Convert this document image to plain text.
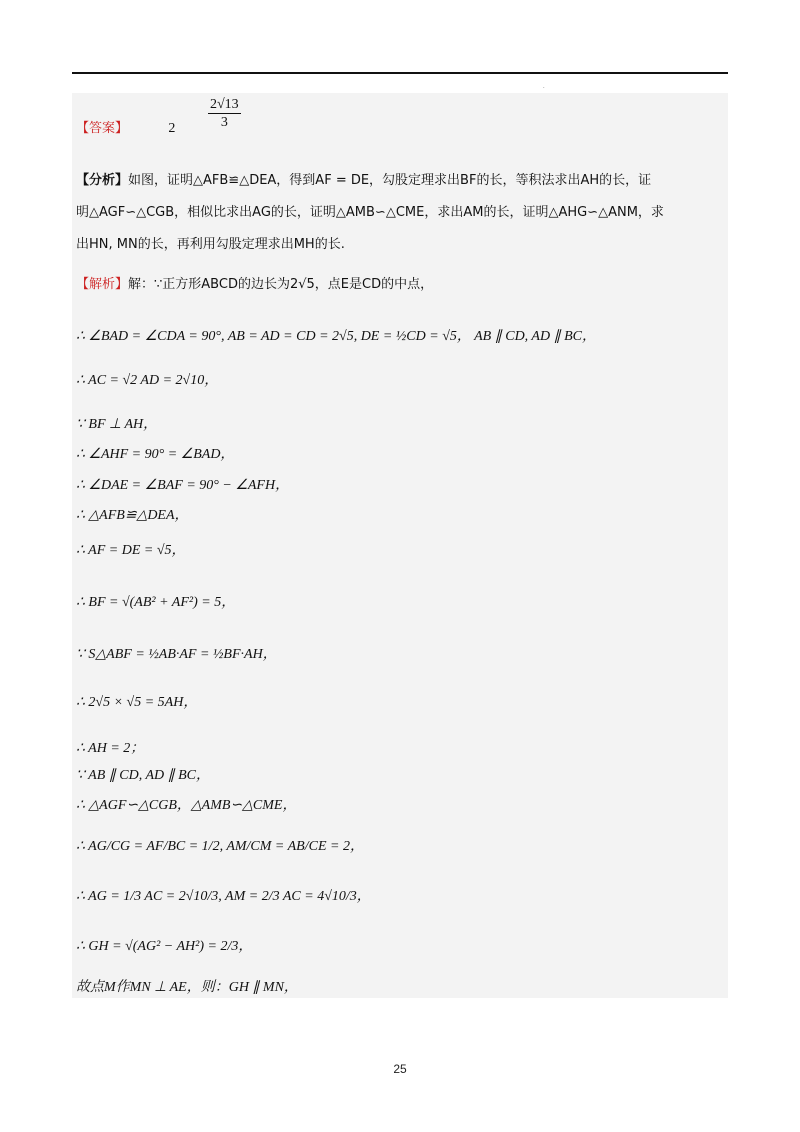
.
【答案】	$2 \frac{2√13}{3}$
【分析】如图，证明△AFB≌△DEA，得到AF = DE，勾股定理求出BF的长，等积法求出AH的长，证
明△AGF∽△CGB，相似比求出AG的长，证明△AMB∽△CME，求出AM的长，证明△AHG∽△ANM，求
出HN, MN的长，再利用勾股定理求出MH的长.
【解析】解：∵正方形ABCD的边长为2√5，点E是CD的中点，
∴ ∠BAD = ∠CDA = 90°, AB = AD = CD = 2√5, DE = ½CD = √5， AB ∥ CD, AD ∥ BC，
∴ AC = √2 AD = 2√10，
∵ BF ⊥ AH，
∴ ∠AHF = 90° = ∠BAD，
∴ ∠DAE = ∠BAF = 90° − ∠AFH，
∴ △AFB≌△DEA，
∴ AF = DE = √5，
∴ BF = √(AB² + AF²) = 5，
∵ S△ABF = ½AB·AF = ½BF·AH，
∴ 2√5 × √5 = 5AH，
∴ AH = 2；
∵ AB ∥ CD, AD ∥ BC，
∴ △AGF∽△CGB，△AMB∽△CME，
∴ AG/CG = AF/BC = 1/2, AM/CM = AB/CE = 2，
∴ AG = 1/3 AC = 2√10/3, AM = 2/3 AC = 4√10/3，
∴ GH = √(AG² − AH²) = 2/3，
故点M作MN ⊥ AE，则：GH ∥ MN，
25
